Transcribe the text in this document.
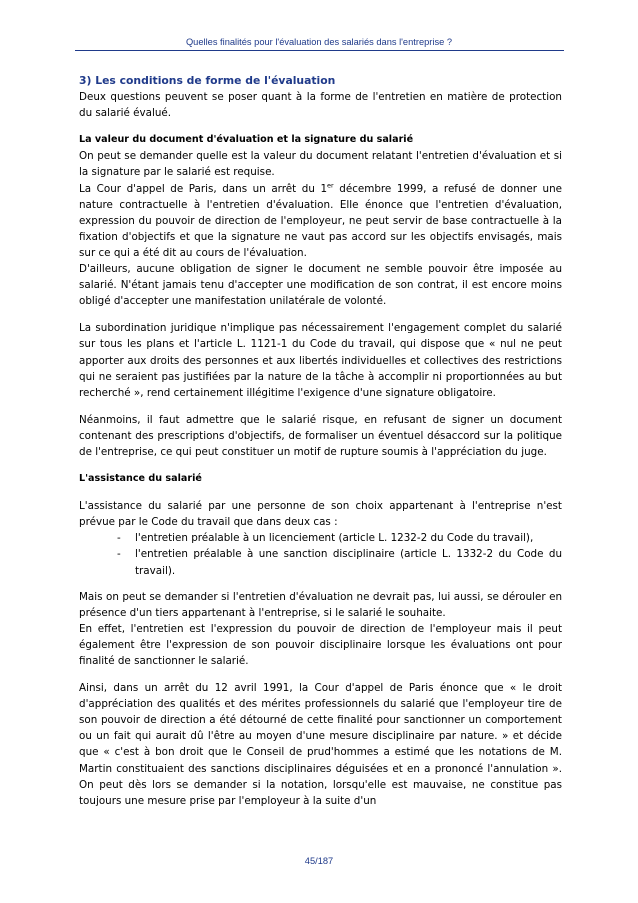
Quelles finalités pour l'évaluation des salariés dans l'entreprise ?

3) Les conditions de forme de l'évaluation

Deux questions peuvent se poser quant à la forme de l'entretien en matière de protection du salarié évalué.

La valeur du document d'évaluation et la signature du salarié

On peut se demander quelle est la valeur du document relatant l'entretien d'évaluation et si la signature par le salarié est requise.

La Cour d'appel de Paris, dans un arrêt du 1er décembre 1999, a refusé de donner une nature contractuelle à l'entretien d'évaluation. Elle énonce que l'entretien d'évaluation, expression du pouvoir de direction de l'employeur, ne peut servir de base contractuelle à la fixation d'objectifs et que la signature ne vaut pas accord sur les objectifs envisagés, mais sur ce qui a été dit au cours de l'évaluation.

D'ailleurs, aucune obligation de signer le document ne semble pouvoir être imposée au salarié. N'étant jamais tenu d'accepter une modification de son contrat, il est encore moins obligé d'accepter une manifestation unilatérale de volonté.

La subordination juridique n'implique pas nécessairement l'engagement complet du salarié sur tous les plans et l'article L. 1121-1 du Code du travail, qui dispose que « nul ne peut apporter aux droits des personnes et aux libertés individuelles et collectives des restrictions qui ne seraient pas justifiées par la nature de la tâche à accomplir ni proportionnées au but recherché », rend certainement illégitime l'exigence d'une signature obligatoire.

Néanmoins, il faut admettre que le salarié risque, en refusant de signer un document contenant des prescriptions d'objectifs, de formaliser un éventuel désaccord sur la politique de l'entreprise, ce qui peut constituer un motif de rupture soumis à l'appréciation du juge.

L'assistance du salarié

L'assistance du salarié par une personne de son choix appartenant à l'entreprise n'est prévue par le Code du travail que dans deux cas :

- l'entretien préalable à un licenciement (article L. 1232-2 du Code du travail),
- l'entretien préalable à une sanction disciplinaire (article L. 1332-2 du Code du travail).

Mais on peut se demander si l'entretien d'évaluation ne devrait pas, lui aussi, se dérouler en présence d'un tiers appartenant à l'entreprise, si le salarié le souhaite.

En effet, l'entretien est l'expression du pouvoir de direction de l'employeur mais il peut également être l'expression de son pouvoir disciplinaire lorsque les évaluations ont pour finalité de sanctionner le salarié.

Ainsi, dans un arrêt du 12 avril 1991, la Cour d'appel de Paris énonce que « le droit d'appréciation des qualités et des mérites professionnels du salarié que l'employeur tire de son pouvoir de direction a été détourné de cette finalité pour sanctionner un comportement ou un fait qui aurait dû l'être au moyen d'une mesure disciplinaire par nature. » et décide que « c'est à bon droit que le Conseil de prud'hommes a estimé que les notations de M. Martin constituaient des sanctions disciplinaires déguisées et en a prononcé l'annulation ». On peut dès lors se demander si la notation, lorsqu'elle est mauvaise, ne constitue pas toujours une mesure prise par l'employeur à la suite d'un

45/187
